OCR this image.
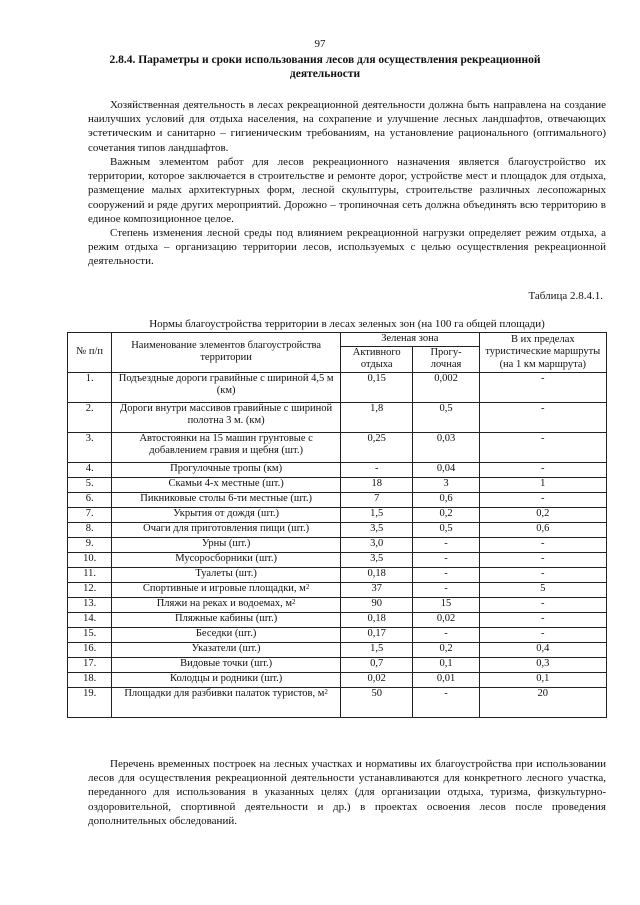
97
2.8.4. Параметры и сроки использования лесов для осуществления рекреационной деятельности

Хозяйственная деятельность в лесах рекреационной деятельности должна быть направлена на создание наилучших условий для отдыха населения, на сохрапение и улучшение лесных ландшафтов, отвечающих эстетическим и санитарно – гигиеническим требованиям, на установление рационального (оптимального) сочетания типов ландшафтов.

Важным элементом работ для лесов рекреационного назначения является благоустройство их территории, которое заключается в строительстве и ремонте дорог, устройстве мест и площадок для отдыха, размещение малых архитектурных форм, лесной скульптуры, строительстве различных лесопожарных сооружений и ряде других мероприятий. Дорожно – тропиночная сеть должна объединять всю территорию в единое композиционное целое.

Степень изменения лесной среды под влиянием рекреационной нагрузки определяет режим отдыха, а режим отдыха – организацию территории лесов, используемых с целью осуществления рекреационной деятельности.

Таблица 2.8.4.1.
Нормы благоустройства территории в лесах зеленых зон (на 100 га общей площади)
№ п/п	Наименование элементов благоустройства территории	Зеленая зона		В их пределах туристические маршруты (на 1 км маршрута)
		Активного отдыха	Прогу-лочная	
1.	Подъездные дороги гравийные с шириной 4,5 м (км)	0,15	0,002	-
2.	Дороги внутри массивов гравийные с шириной полотна 3 м. (км)	1,8	0,5	-
3.	Автостоянки на 15 машин грунтовые с добавлением гравия и щебня (шт.)	0,25	0,03	-
4.	Прогулочные тропы (км)	-	0,04	-
5.	Скамьи 4-х местные (шт.)	18	3	1
6.	Пикниковые столы 6-ти местные (шт.)	7	0,6	-
7.	Укрытия от дождя (шт.)	1,5	0,2	0,2
8.	Очаги для приготовления пищи (шт.)	3,5	0,5	0,6
9.	Урны (шт.)	3,0	-	-
10.	Мусоросборники (шт.)	3,5	-	-
11.	Туалеты (шт.)	0,18	-	-
12.	Спортивные и игровые площадки, $м^2$	37	-	5
13.	Пляжи на реках и водоемах, $м^2$	90	15	-
14.	Пляжные кабины (шт.)	0,18	0,02	-
15.	Беседки (шт.)	0,17	-	-
16.	Указатели (шт.)	1,5	0,2	0,4
17.	Видовые точки (шт.)	0,7	0,1	0,3
18.	Колодцы и родники (шт.)	0,02	0,01	0,1
19.	Площадки для разбивки палаток туристов, $м^2$	50	-	20

Перечень временных построек на лесных участках и нормативы их благоустройства при использовании лесов для осуществления рекреационной деятельности устанавливаются для конкретного лесного участка, переданного для использования в указанных целях (для организации отдыха, туризма, физкультурно-оздоровительной, спортивной деятельности и др.) в проектах освоения лесов после проведения дополнительных обследований.
